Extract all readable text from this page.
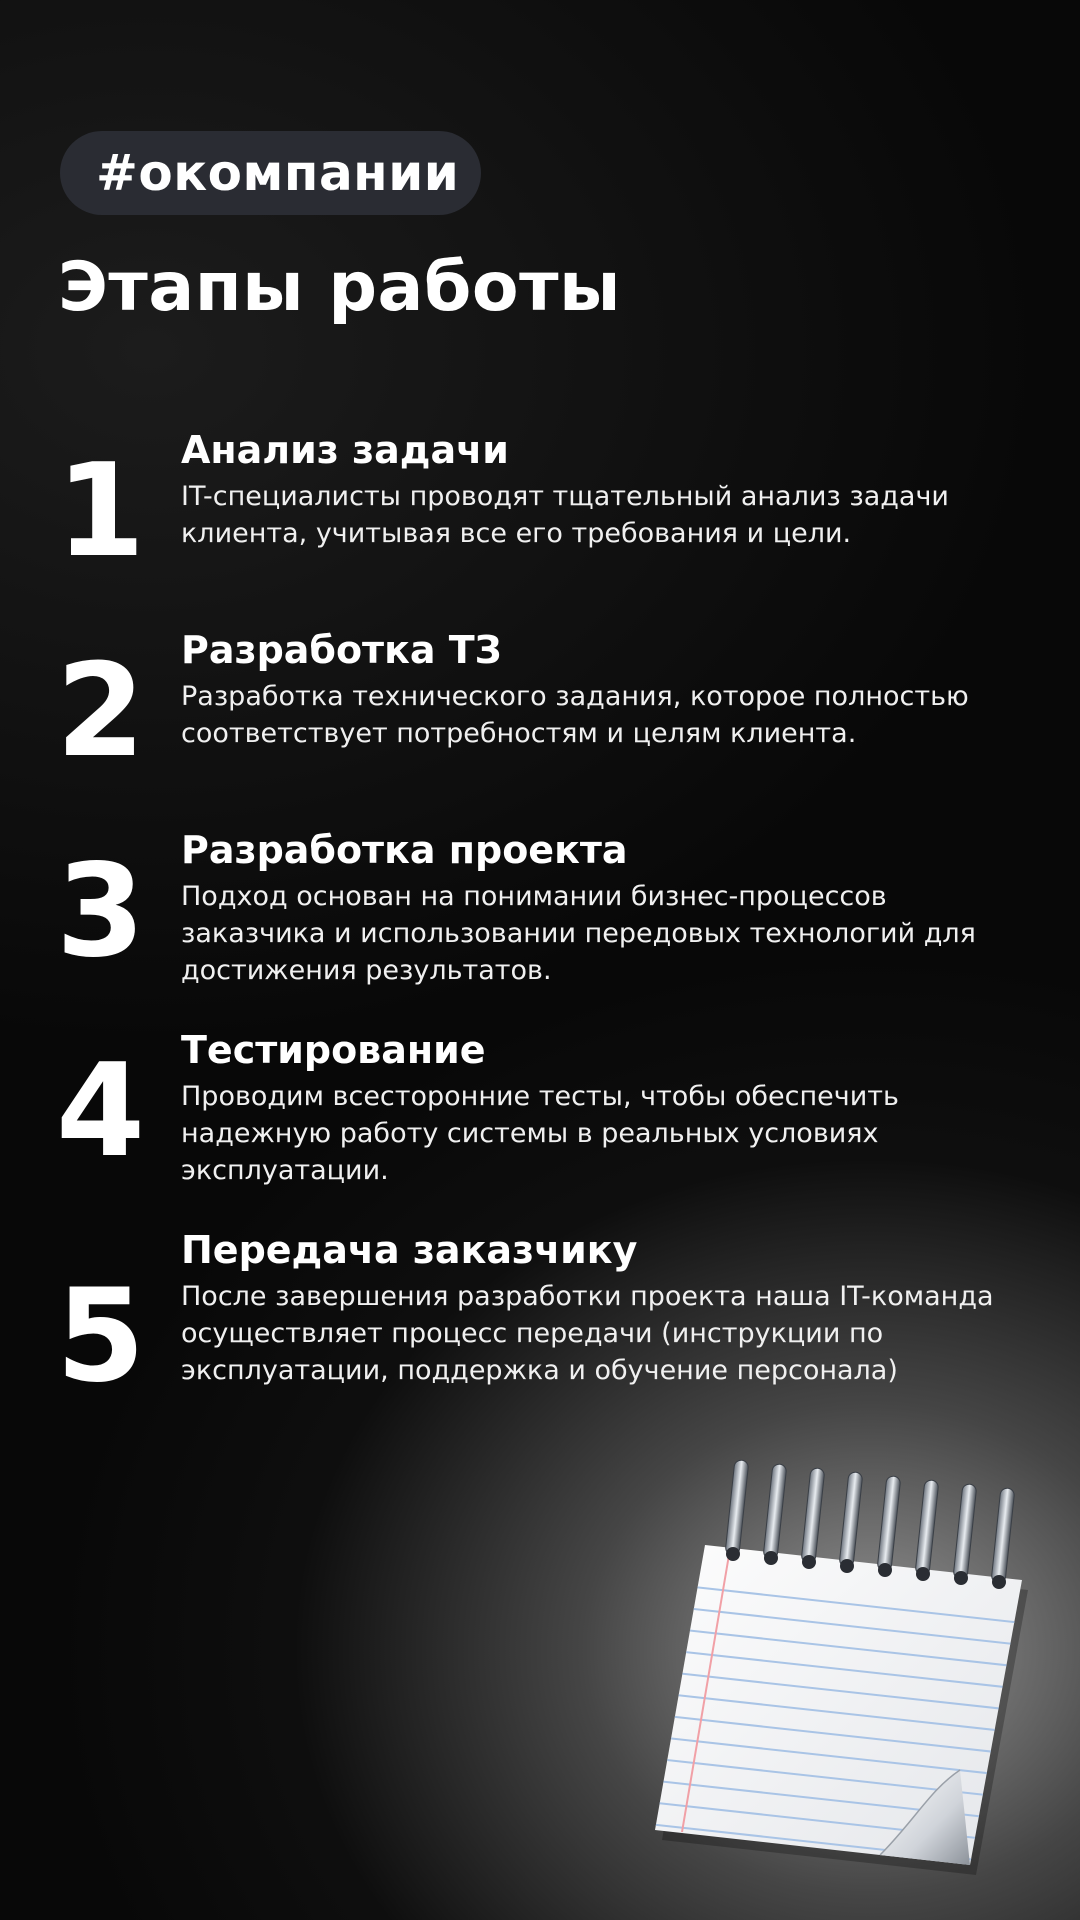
#окомпании
Этапы работы
1 Анализ задачи
IT-специалисты проводят тщательный анализ задачи клиента, учитывая все его требования и цели.
2 Разработка ТЗ
Разработка технического задания, которое полностью соответствует потребностям и целям клиента.
3 Разработка проекта
Подход основан на понимании бизнес-процессов заказчика и использовании передовых технологий для достижения результатов.
4 Тестирование
Проводим всесторонние тесты, чтобы обеспечить надежную работу системы в реальных условиях эксплуатации.
5
Передача заказчику
После завершения разработки проекта наша IT-команда осуществляет процесс передачи (инструкции по эксплуатации, поддержка и обучение персонала)
